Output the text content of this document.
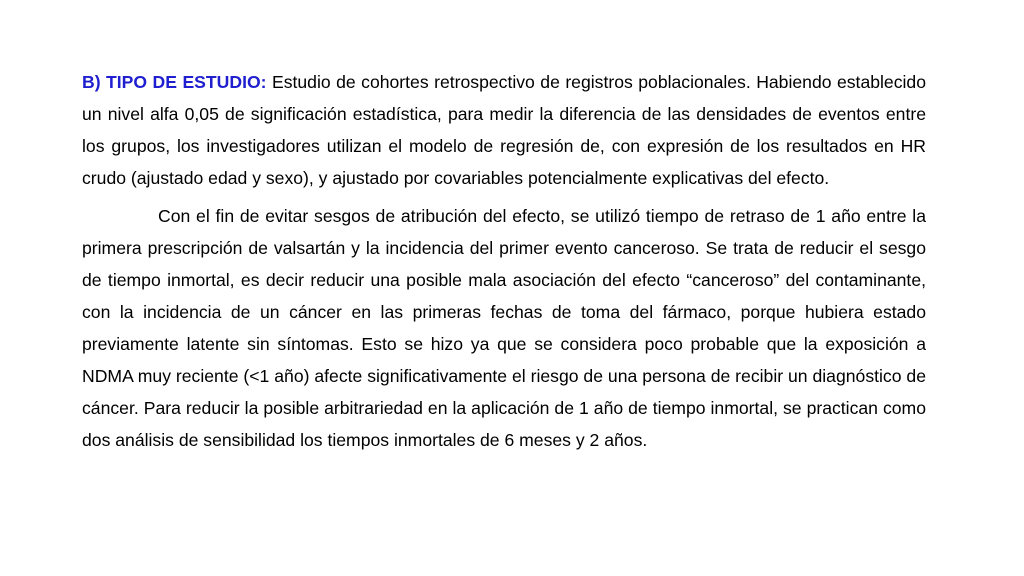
B) TIPO DE ESTUDIO: Estudio de cohortes retrospectivo de registros poblacionales. Habiendo establecido un nivel alfa 0,05 de significación estadística, para medir la diferencia de las densidades de eventos entre los grupos, los investigadores utilizan el modelo de regresión de, con expresión de los resultados en HR crudo (ajustado edad y sexo), y ajustado por covariables potencialmente explicativas del efecto.

Con el fin de evitar sesgos de atribución del efecto, se utilizó tiempo de retraso de 1 año entre la primera prescripción de valsartán y la incidencia del primer evento canceroso. Se trata de reducir el sesgo de tiempo inmortal, es decir reducir una posible mala asociación del efecto “canceroso” del contaminante, con la incidencia de un cáncer en las primeras fechas de toma del fármaco, porque hubiera estado previamente latente sin síntomas. Esto se hizo ya que se considera poco probable que la exposición a NDMA muy reciente (<1 año) afecte significativamente el riesgo de una persona de recibir un diagnóstico de cáncer. Para reducir la posible arbitrariedad en la aplicación de 1 año de tiempo inmortal, se practican como dos análisis de sensibilidad los tiempos inmortales de 6 meses y 2 años.
